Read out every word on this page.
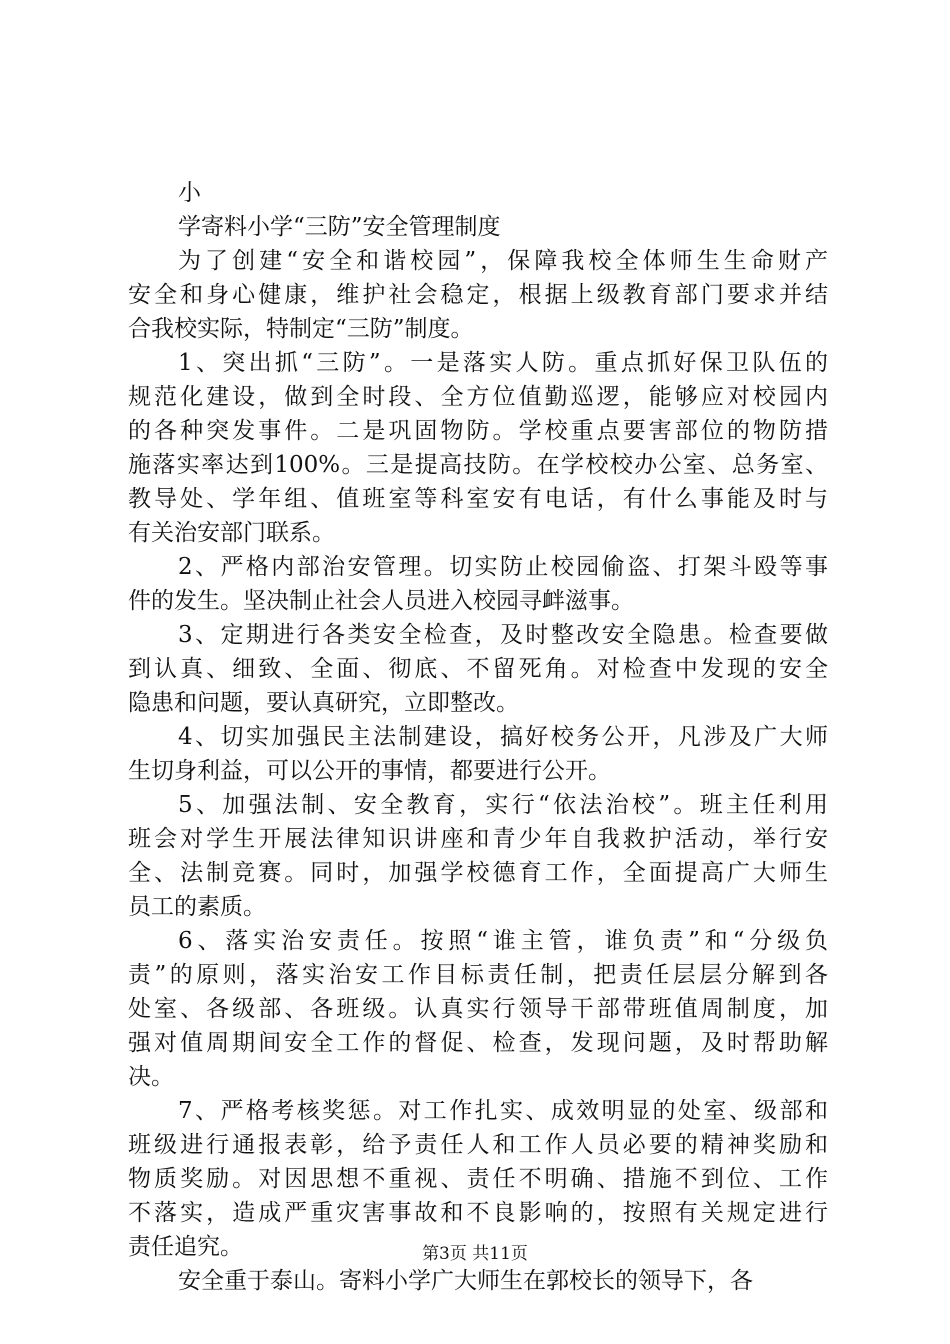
小
学寄料小学“三防”安全管理制度
为了创建“安全和谐校园”，保障我校全体师生生命财产
安全和身心健康，维护社会稳定，根据上级教育部门要求并结
合我校实际，特制定“三防”制度。
1、突出抓“三防”。一是落实人防。重点抓好保卫队伍的
规范化建设，做到全时段、全方位值勤巡逻，能够应对校园内
的各种突发事件。二是巩固物防。学校重点要害部位的物防措
施落实率达到100%。三是提高技防。在学校校办公室、总务室、
教导处、学年组、值班室等科室安有电话，有什么事能及时与
有关治安部门联系。
2、严格内部治安管理。切实防止校园偷盗、打架斗殴等事
件的发生。坚决制止社会人员进入校园寻衅滋事。
3、定期进行各类安全检查，及时整改安全隐患。检查要做
到认真、细致、全面、彻底、不留死角。对检查中发现的安全
隐患和问题，要认真研究，立即整改。
4、切实加强民主法制建设，搞好校务公开，凡涉及广大师
生切身利益，可以公开的事情，都要进行公开。
5、加强法制、安全教育，实行“依法治校”。班主任利用
班会对学生开展法律知识讲座和青少年自我救护活动，举行安
全、法制竞赛。同时，加强学校德育工作，全面提高广大师生
员工的素质。
6、落实治安责任。按照“谁主管，谁负责”和“分级负
责”的原则，落实治安工作目标责任制，把责任层层分解到各
处室、各级部、各班级。认真实行领导干部带班值周制度，加
强对值周期间安全工作的督促、检查，发现问题，及时帮助解
决。
7、严格考核奖惩。对工作扎实、成效明显的处室、级部和
班级进行通报表彰，给予责任人和工作人员必要的精神奖励和
物质奖励。对因思想不重视、责任不明确、措施不到位、工作
不落实，造成严重灾害事故和不良影响的，按照有关规定进行
责任追究。
安全重于泰山。寄料小学广大师生在郭校长的领导下，各
第3页 共11页
